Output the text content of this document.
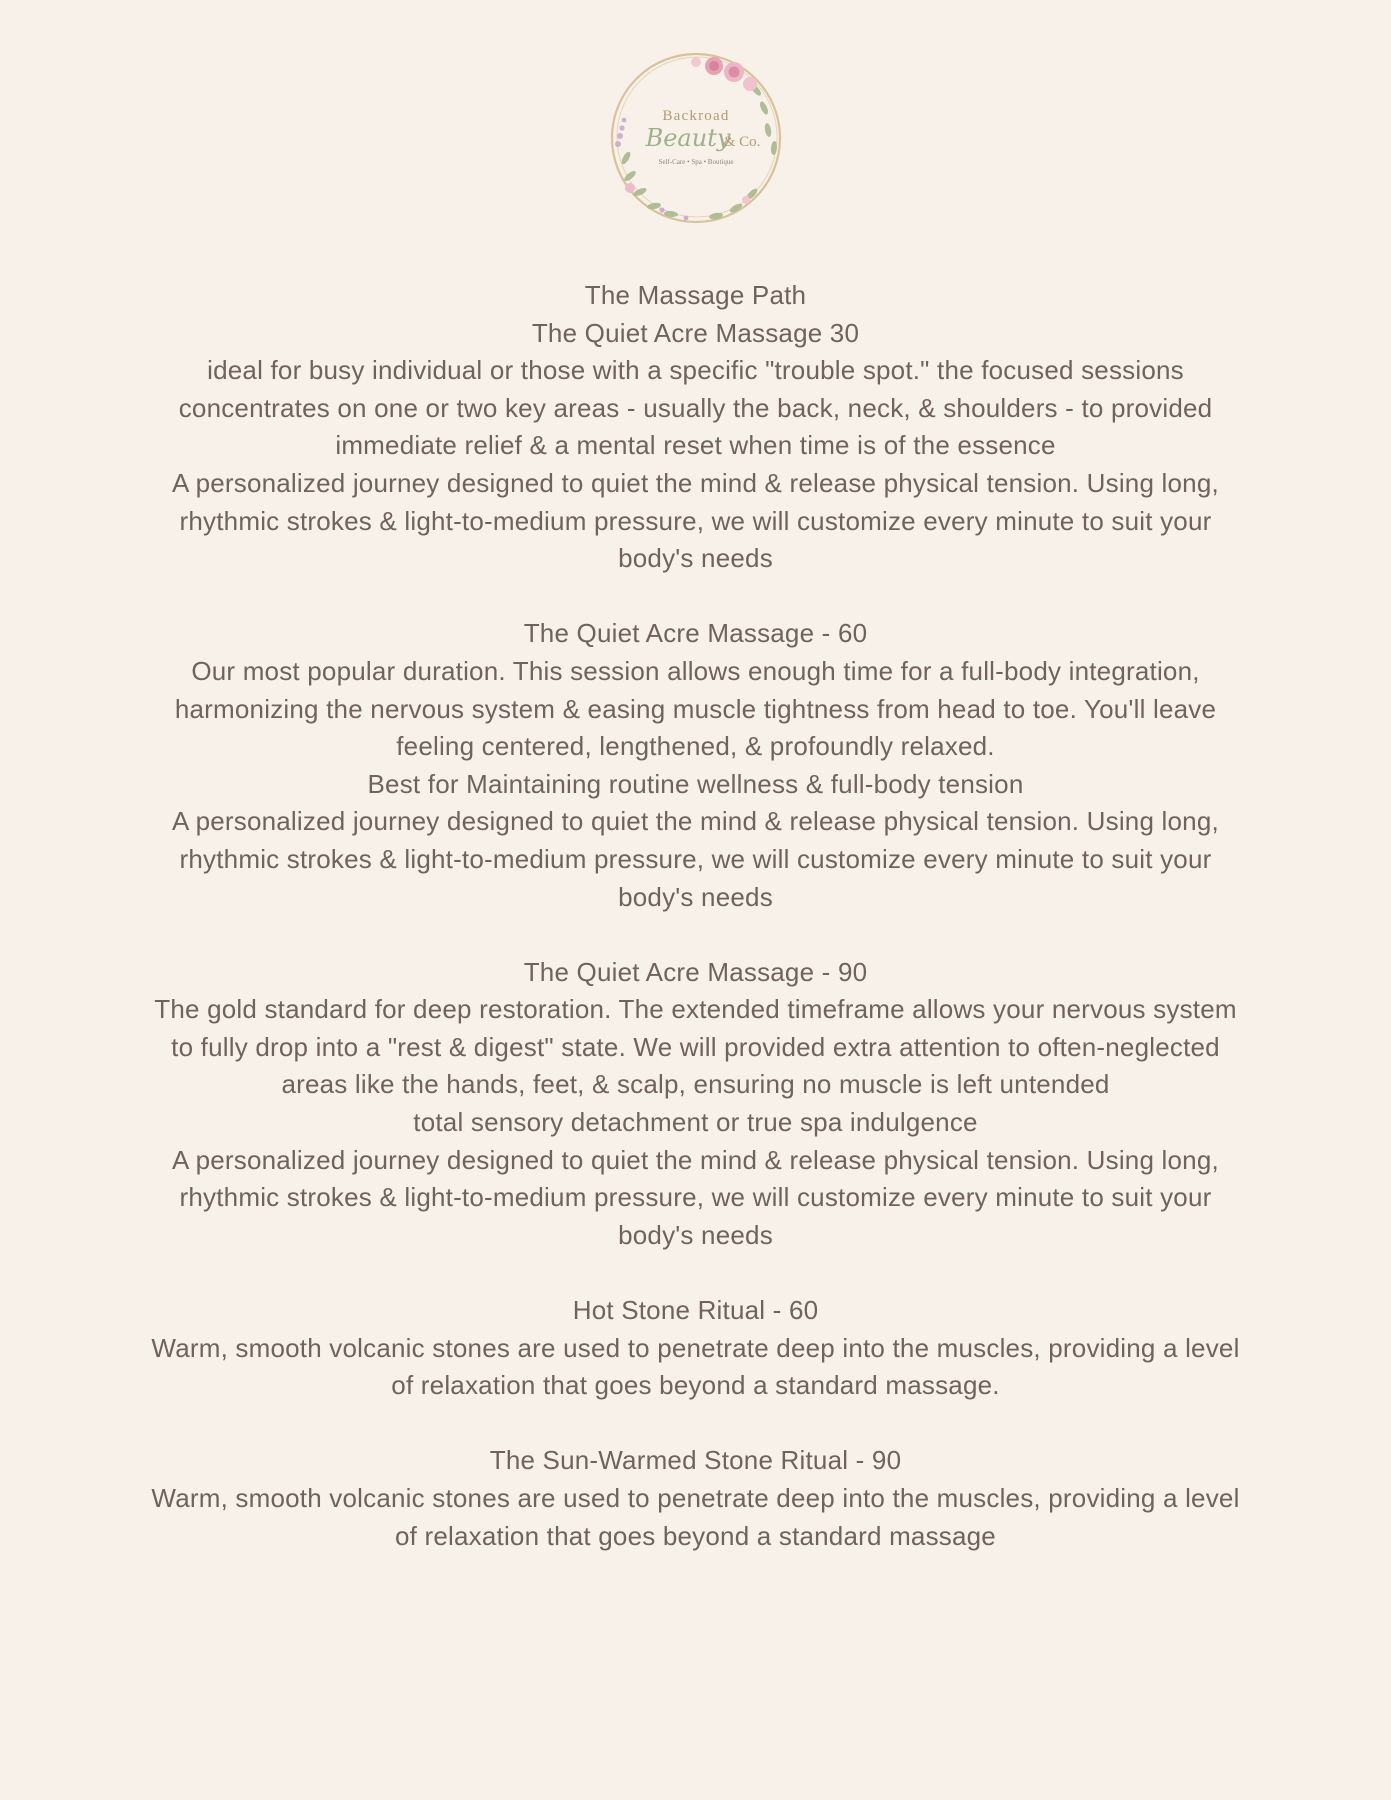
Backroad
Beauty
& Co.
Self-Care • Spa • Boutique
The Massage Path
The Quiet Acre Massage 30
ideal for busy individual or those with a specific "trouble spot." the focused sessions concentrates on one or two key areas - usually the back, neck, & shoulders - to provided immediate relief & a mental reset when time is of the essence
A personalized journey designed to quiet the mind & release physical tension. Using long, rhythmic strokes & light-to-medium pressure, we will customize every minute to suit your body's needs
The Quiet Acre Massage - 60
Our most popular duration. This session allows enough time for a full-body integration, harmonizing the nervous system & easing muscle tightness from head to toe. You'll leave feeling centered, lengthened, & profoundly relaxed.
Best for Maintaining routine wellness & full-body tension
A personalized journey designed to quiet the mind & release physical tension. Using long, rhythmic strokes & light-to-medium pressure, we will customize every minute to suit your body's needs
The Quiet Acre Massage - 90
The gold standard for deep restoration. The extended timeframe allows your nervous system to fully drop into a "rest & digest" state. We will provided extra attention to often-neglected areas like the hands, feet, & scalp, ensuring no muscle is left untended
total sensory detachment or true spa indulgence
A personalized journey designed to quiet the mind & release physical tension. Using long, rhythmic strokes & light-to-medium pressure, we will customize every minute to suit your body's needs
Hot Stone Ritual - 60
Warm, smooth volcanic stones are used to penetrate deep into the muscles, providing a level of relaxation that goes beyond a standard massage.
The Sun-Warmed Stone Ritual - 90
Warm, smooth volcanic stones are used to penetrate deep into the muscles, providing a level of relaxation that goes beyond a standard massage
